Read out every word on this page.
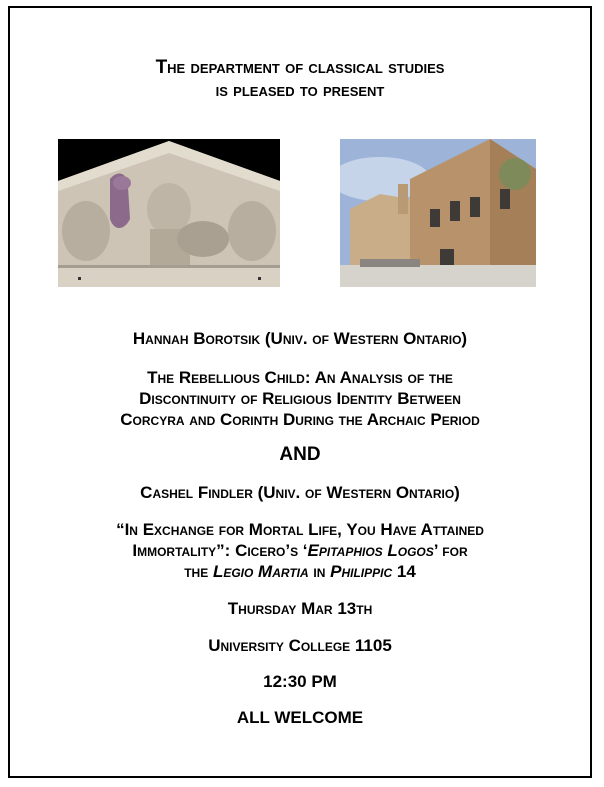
The department of classical studies
is pleased to present
Hannah Borotsik (Univ. of Western Ontario)
The Rebellious Child: An Analysis of the
Discontinuity of Religious Identity Between
Corcyra and Corinth During the Archaic Period
AND
Cashel Findler (Univ. of Western Ontario)
“In Exchange for Mortal Life, You Have Attained
Immortality”: Cicero’s ‘Epitaphios Logos’ for
the Legio Martia in Philippic 14
Thursday Mar 13th
University College 1105
12:30 PM
ALL WELCOME
